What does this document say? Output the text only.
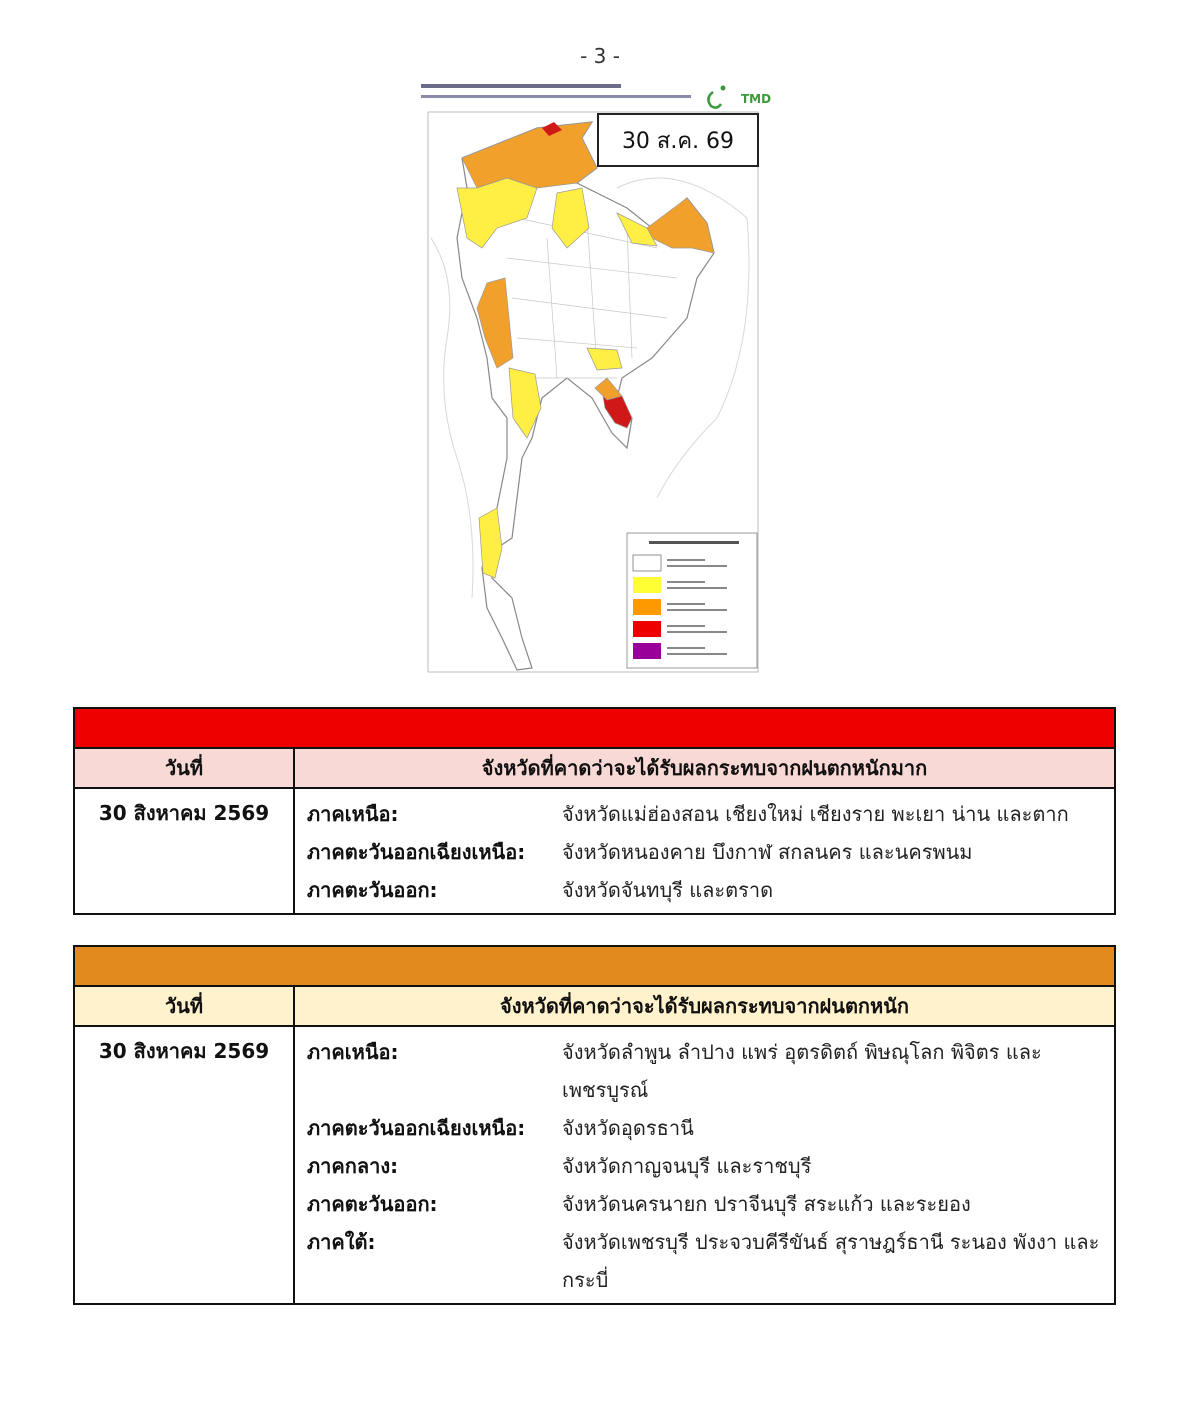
- 3 -
TMD
30 ส.ค. 69
วันที่	จังหวัดที่คาดว่าจะได้รับผลกระทบจากฝนตกหนักมาก
30 สิงหาคม 2569	ภาคเหนือ:	จังหวัดแม่ฮ่องสอน เชียงใหม่ เชียงราย พะเยา น่าน และตาก
ภาคตะวันออกเฉียงเหนือ:	จังหวัดหนองคาย บึงกาฬ สกลนคร และนครพนม
ภาคตะวันออก:	จังหวัดจันทบุรี และตราด
วันที่	จังหวัดที่คาดว่าจะได้รับผลกระทบจากฝนตกหนัก
30 สิงหาคม 2569	ภาคเหนือ:	จังหวัดลำพูน ลำปาง แพร่ อุตรดิตถ์ พิษณุโลก พิจิตร และเพชรบูรณ์
ภาคตะวันออกเฉียงเหนือ:	จังหวัดอุดรธานี
ภาคกลาง:	จังหวัดกาญจนบุรี และราชบุรี
ภาคตะวันออก:	จังหวัดนครนายก ปราจีนบุรี สระแก้ว และระยอง
ภาคใต้:	จังหวัดเพชรบุรี ประจวบคีรีขันธ์ สุราษฎร์ธานี ระนอง พังงา และกระบี่
